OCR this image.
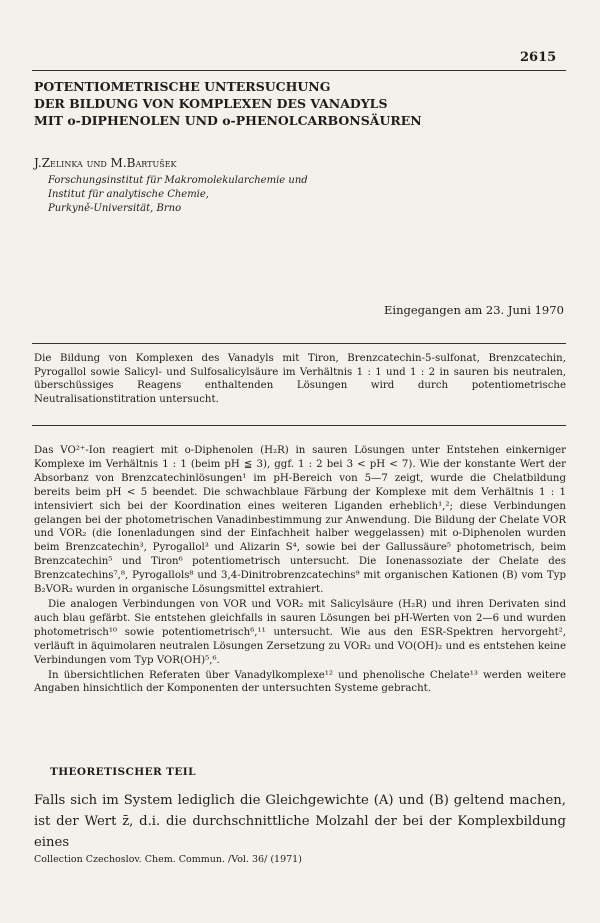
2615
POTENTIOMETRISCHE UNTERSUCHUNG
DER BILDUNG VON KOMPLEXEN DES VANADYLS
MIT o-DIPHENOLEN UND o-PHENOLCARBONSÄUREN
J.Zelinka und M.Bartušek
Forschungsinstitut für Makromolekularchemie und
Institut für analytische Chemie,
Purkyně-Universität, Brno
Eingegangen am 23. Juni 1970
Die Bildung von Komplexen des Vanadyls mit Tiron, Brenzcatechin-5-sulfonat, Brenzcatechin, Pyrogallol sowie Salicyl- und Sulfosalicylsäure im Verhältnis 1 : 1 und 1 : 2 in sauren bis neutralen, überschüssiges Reagens enthaltenden Lösungen wird durch potentiometrische Neutralisationstitration untersucht.

Das VO²⁺-Ion reagiert mit o-Diphenolen (H₂R) in sauren Lösungen unter Entstehen einkerniger Komplexe im Verhältnis 1 : 1 (beim pH ≦ 3), ggf. 1 : 2 bei 3 < pH < 7). Wie der konstante Wert der Absorbanz von Brenzcatechinlösungen¹ im pH-Bereich von 5—7 zeigt, wurde die Chelatbildung bereits beim pH < 5 beendet. Die schwachblaue Färbung der Komplexe mit dem Verhältnis 1 : 1 intensiviert sich bei der Koordination eines weiteren Liganden erheblich¹,²; diese Verbindungen gelangen bei der photometrischen Vanadinbestimmung zur Anwendung. Die Bildung der Chelate VOR und VOR₂ (die Ionenladungen sind der Einfachheit halber weggelassen) mit o-Diphenolen wurden beim Brenzcatechin³, Pyrogallol³ und Alizarin S⁴, sowie bei der Gallussäure⁵ photometrisch, beim Brenzcatechin⁵ und Tiron⁶ potentiometrisch untersucht. Die Ionenassoziate der Chelate des Brenzcatechins⁷,⁸, Pyrogallols⁸ und 3,4-Dinitrobrenzcatechins⁹ mit organischen Kationen (B) vom Typ B₂VOR₂ wurden in organische Lösungsmittel extrahiert.

Die analogen Verbindungen von VOR und VOR₂ mit Salicylsäure (H₂R) und ihren Derivaten sind auch blau gefärbt. Sie entstehen gleichfalls in sauren Lösungen bei pH-Werten von 2—6 und wurden photometrisch¹⁰ sowie potentiometrisch⁶,¹¹ untersucht. Wie aus den ESR-Spektren hervorgeht², verläuft in äquimolaren neutralen Lösungen Zersetzung zu VOR₂ und VO(OH)₂ und es entstehen keine Verbindungen vom Typ VOR(OH)⁵,⁶.

In übersichtlichen Referaten über Vanadylkomplexe¹² und phenolische Chelate¹³ werden weitere Angaben hinsichtlich der Komponenten der untersuchten Systeme gebracht.

THEORETISCHER TEIL
Falls sich im System lediglich die Gleichgewichte (A) und (B) geltend machen, ist der Wert z̄, d.i. die durchschnittliche Molzahl der bei der Komplexbildung eines
Collection Czechoslov. Chem. Commun. /Vol. 36/ (1971)
